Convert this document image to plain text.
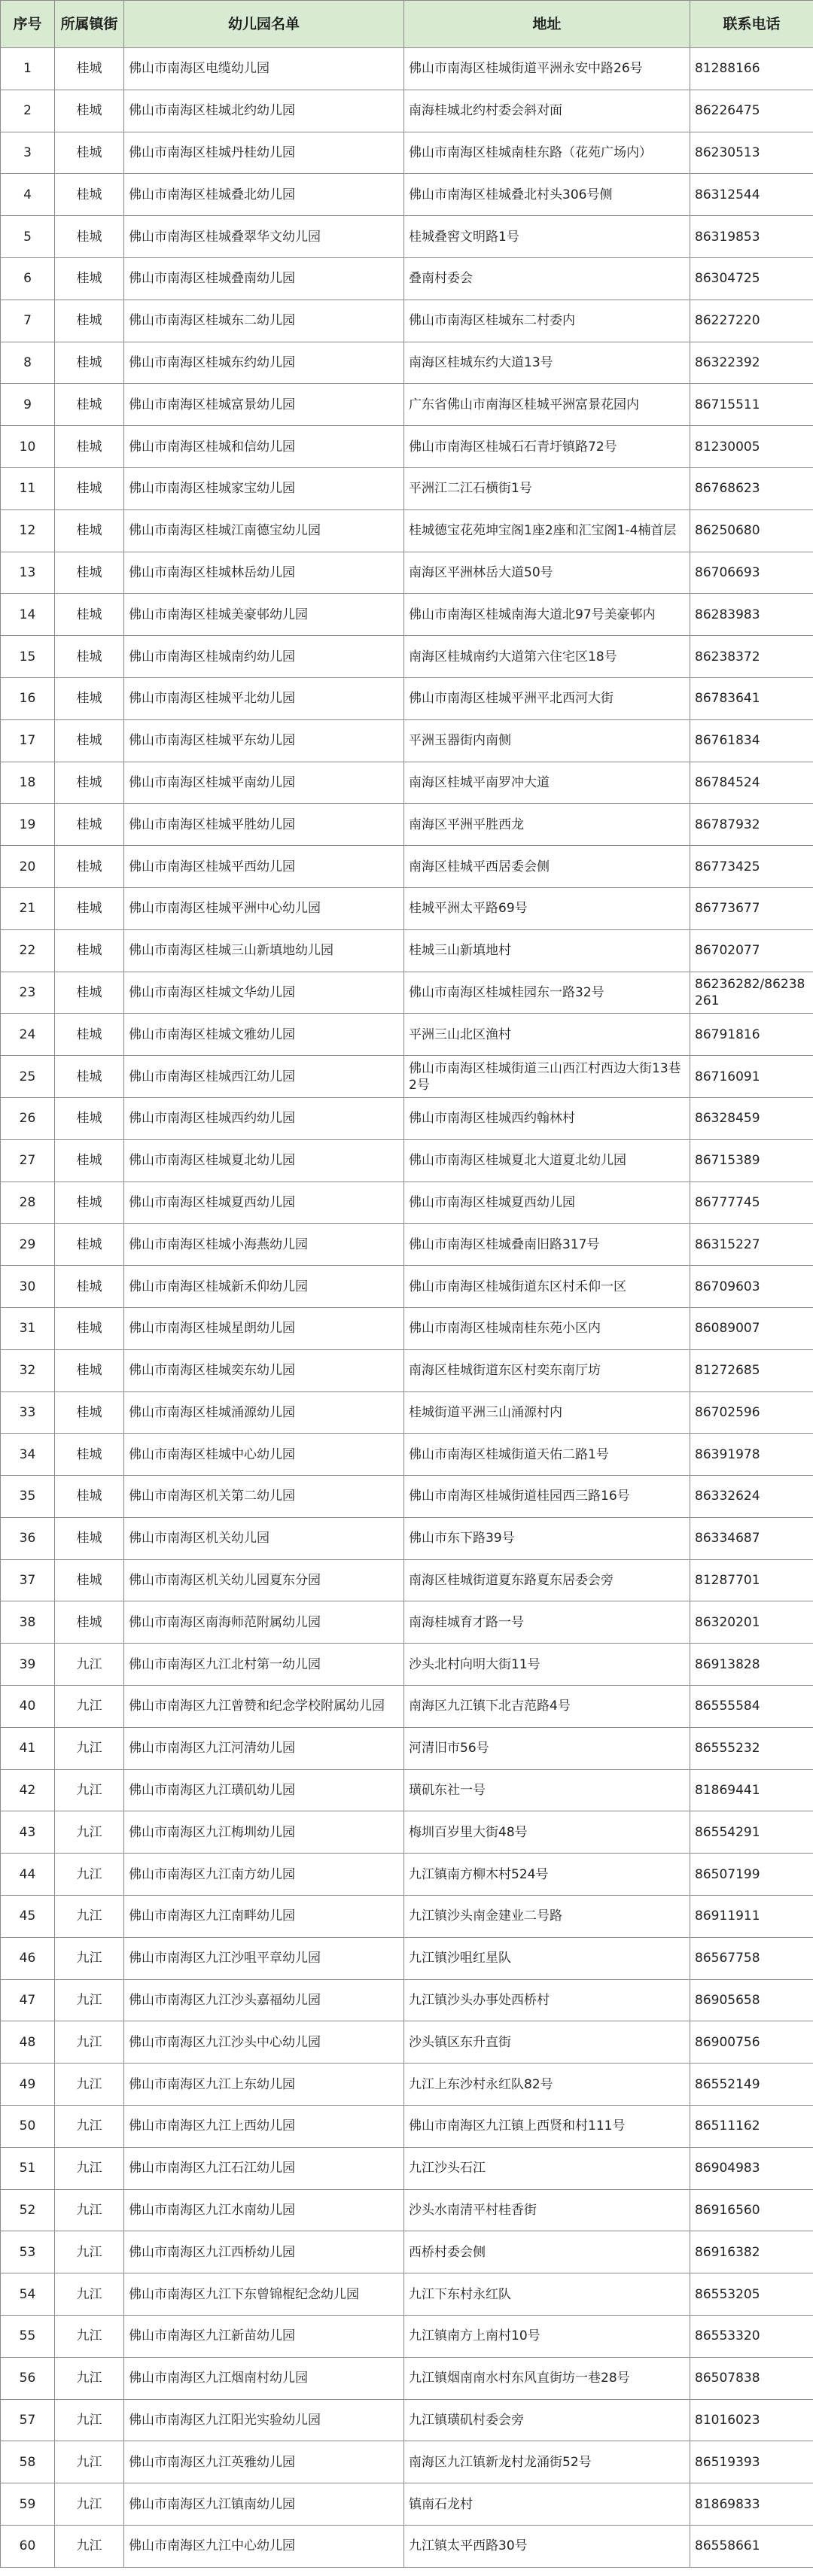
序号	所属镇街	幼儿园名单	地址	联系电话
1	桂城	佛山市南海区电缆幼儿园	佛山市南海区桂城街道平洲永安中路26号	81288166
2	桂城	佛山市南海区桂城北约幼儿园	南海桂城北约村委会斜对面	86226475
3	桂城	佛山市南海区桂城丹桂幼儿园	佛山市南海区桂城南桂东路（花苑广场内）	86230513
4	桂城	佛山市南海区桂城叠北幼儿园	佛山市南海区桂城叠北村头306号侧	86312544
5	桂城	佛山市南海区桂城叠翠华文幼儿园	桂城叠窖文明路1号	86319853
6	桂城	佛山市南海区桂城叠南幼儿园	叠南村委会	86304725
7	桂城	佛山市南海区桂城东二幼儿园	佛山市南海区桂城东二村委内	86227220
8	桂城	佛山市南海区桂城东约幼儿园	南海区桂城东约大道13号	86322392
9	桂城	佛山市南海区桂城富景幼儿园	广东省佛山市南海区桂城平洲富景花园内	86715511
10	桂城	佛山市南海区桂城和信幼儿园	佛山市南海区桂城石石青圩镇路72号	81230005
11	桂城	佛山市南海区桂城家宝幼儿园	平洲江二江石横街1号	86768623
12	桂城	佛山市南海区桂城江南德宝幼儿园	桂城德宝花苑坤宝阁1座2座和汇宝阁1-4楠首层	86250680
13	桂城	佛山市南海区桂城林岳幼儿园	南海区平洲林岳大道50号	86706693
14	桂城	佛山市南海区桂城美豪邨幼儿园	佛山市南海区桂城南海大道北97号美豪邨内	86283983
15	桂城	佛山市南海区桂城南约幼儿园	南海区桂城南约大道第六住宅区18号	86238372
16	桂城	佛山市南海区桂城平北幼儿园	佛山市南海区桂城平洲平北西河大街	86783641
17	桂城	佛山市南海区桂城平东幼儿园	平洲玉器街内南侧	86761834
18	桂城	佛山市南海区桂城平南幼儿园	南海区桂城平南罗冲大道	86784524
19	桂城	佛山市南海区桂城平胜幼儿园	南海区平洲平胜西龙	86787932
20	桂城	佛山市南海区桂城平西幼儿园	南海区桂城平西居委会侧	86773425
21	桂城	佛山市南海区桂城平洲中心幼儿园	桂城平洲太平路69号	86773677
22	桂城	佛山市南海区桂城三山新填地幼儿园	桂城三山新填地村	86702077
23	桂城	佛山市南海区桂城文华幼儿园	佛山市南海区桂城桂园东一路32号	86236282/86238261
24	桂城	佛山市南海区桂城文雅幼儿园	平洲三山北区渔村	86791816
25	桂城	佛山市南海区桂城西江幼儿园	佛山市南海区桂城街道三山西江村西边大街13巷2号	86716091
26	桂城	佛山市南海区桂城西约幼儿园	佛山市南海区桂城西约翰林村	86328459
27	桂城	佛山市南海区桂城夏北幼儿园	佛山市南海区桂城夏北大道夏北幼儿园	86715389
28	桂城	佛山市南海区桂城夏西幼儿园	佛山市南海区桂城夏西幼儿园	86777745
29	桂城	佛山市南海区桂城小海燕幼儿园	佛山市南海区桂城叠南旧路317号	86315227
30	桂城	佛山市南海区桂城新禾仰幼儿园	佛山市南海区桂城街道东区村禾仰一区	86709603
31	桂城	佛山市南海区桂城星朗幼儿园	佛山市南海区桂城南桂东苑小区内	86089007
32	桂城	佛山市南海区桂城奕东幼儿园	南海区桂城街道东区村奕东南厅坊	81272685
33	桂城	佛山市南海区桂城涌源幼儿园	桂城街道平洲三山涌源村内	86702596
34	桂城	佛山市南海区桂城中心幼儿园	佛山市南海区桂城街道天佑二路1号	86391978
35	桂城	佛山市南海区机关第二幼儿园	佛山市南海区桂城街道桂园西三路16号	86332624
36	桂城	佛山市南海区机关幼儿园	佛山市东下路39号	86334687
37	桂城	佛山市南海区机关幼儿园夏东分园	南海区桂城街道夏东路夏东居委会旁	81287701
38	桂城	佛山市南海区南海师范附属幼儿园	南海桂城育才路一号	86320201
39	九江	佛山市南海区九江北村第一幼儿园	沙头北村向明大街11号	86913828
40	九江	佛山市南海区九江曾赞和纪念学校附属幼儿园	南海区九江镇下北吉范路4号	86555584
41	九江	佛山市南海区九江河清幼儿园	河清旧市56号	86555232
42	九江	佛山市南海区九江璜矶幼儿园	璜矶东社一号	81869441
43	九江	佛山市南海区九江梅圳幼儿园	梅圳百岁里大街48号	86554291
44	九江	佛山市南海区九江南方幼儿园	九江镇南方柳木村524号	86507199
45	九江	佛山市南海区九江南畔幼儿园	九江镇沙头南金建业二号路	86911911
46	九江	佛山市南海区九江沙咀平章幼儿园	九江镇沙咀红星队	86567758
47	九江	佛山市南海区九江沙头嘉福幼儿园	九江镇沙头办事处西桥村	86905658
48	九江	佛山市南海区九江沙头中心幼儿园	沙头镇区东升直街	86900756
49	九江	佛山市南海区九江上东幼儿园	九江上东沙村永红队82号	86552149
50	九江	佛山市南海区九江上西幼儿园	佛山市南海区九江镇上西贤和村111号	86511162
51	九江	佛山市南海区九江石江幼儿园	九江沙头石江	86904983
52	九江	佛山市南海区九江水南幼儿园	沙头水南清平村桂香街	86916560
53	九江	佛山市南海区九江西桥幼儿园	西桥村委会侧	86916382
54	九江	佛山市南海区九江下东曾锦棍纪念幼儿园	九江下东村永红队	86553205
55	九江	佛山市南海区九江新苗幼儿园	九江镇南方上南村10号	86553320
56	九江	佛山市南海区九江烟南村幼儿园	九江镇烟南南水村东风直街坊一巷28号	86507838
57	九江	佛山市南海区九江阳光实验幼儿园	九江镇璜矶村委会旁	81016023
58	九江	佛山市南海区九江英雅幼儿园	南海区九江镇新龙村龙涌街52号	86519393
59	九江	佛山市南海区九江镇南幼儿园	镇南石龙村	81869833
60	九江	佛山市南海区九江中心幼儿园	九江镇太平西路30号	86558661
